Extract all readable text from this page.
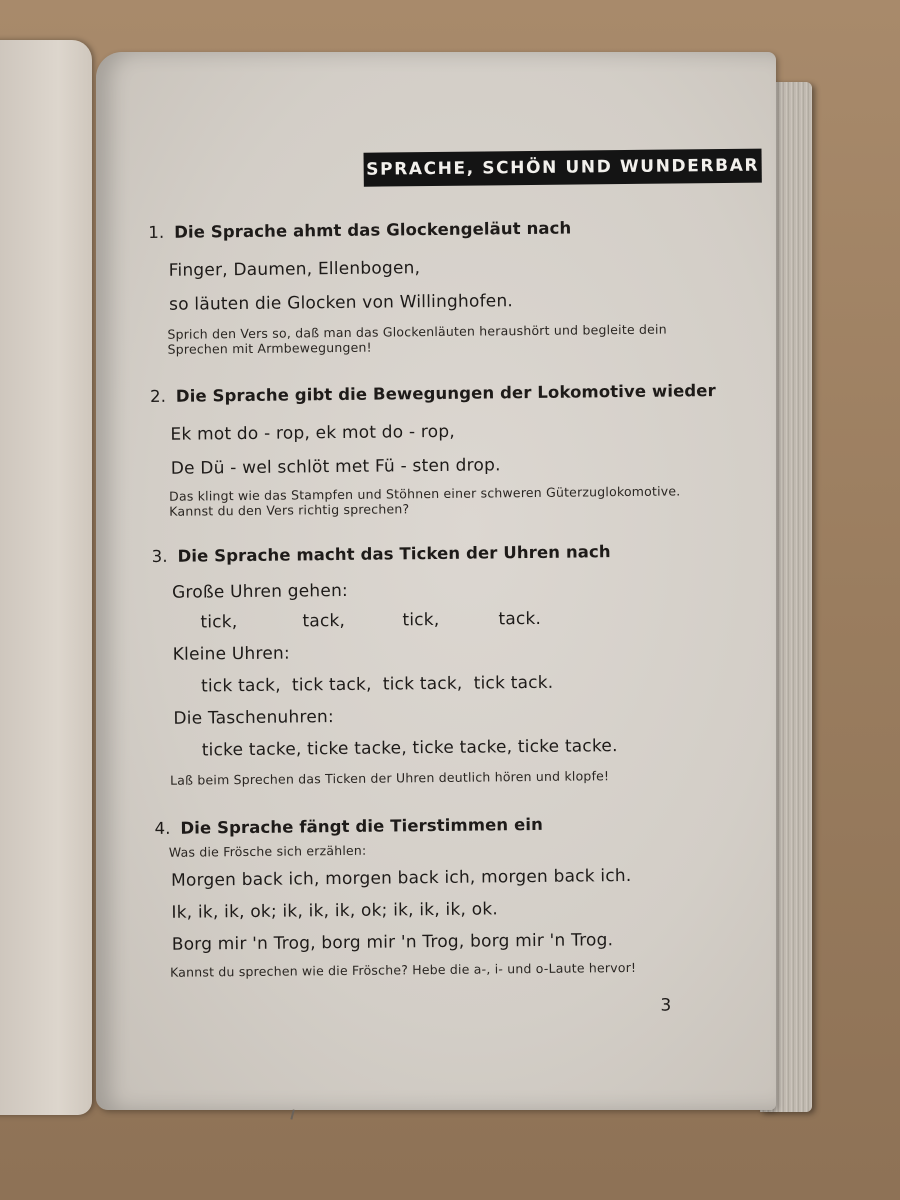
SPRACHE, SCHÖN UND WUNDERBAR
1. Die Sprache ahmt das Glockengeläut nach
Finger, Daumen, Ellenbogen,
so läuten die Glocken von Willinghofen.
Sprich den Vers so, daß man das Glockenläuten heraushört und begleite dein Sprechen mit Armbewegungen!
2. Die Sprache gibt die Bewegungen der Lokomotive wieder
Ek mot do - rop, ek mot do - rop,
De Dü - wel schlöt met Fü - sten drop.
Das klingt wie das Stampfen und Stöhnen einer schweren Güterzuglokomotive. Kannst du den Vers richtig sprechen?
3. Die Sprache macht das Ticken der Uhren nach
Große Uhren gehen:
tick,	tack,	tick,	tack.
Kleine Uhren:
tick tack,  tick tack,  tick tack,  tick tack.
Die Taschenuhren:
ticke tacke, ticke tacke, ticke tacke, ticke tacke.
Laß beim Sprechen das Ticken der Uhren deutlich hören und klopfe!
4. Die Sprache fängt die Tierstimmen ein
Was die Frösche sich erzählen:
Morgen back ich, morgen back ich, morgen back ich.
Ik, ik, ik, ok; ik, ik, ik, ok; ik, ik, ik, ok.
Borg mir 'n Trog, borg mir 'n Trog, borg mir 'n Trog.
Kannst du sprechen wie die Frösche? Hebe die a-, i- und o-Laute hervor!
3
